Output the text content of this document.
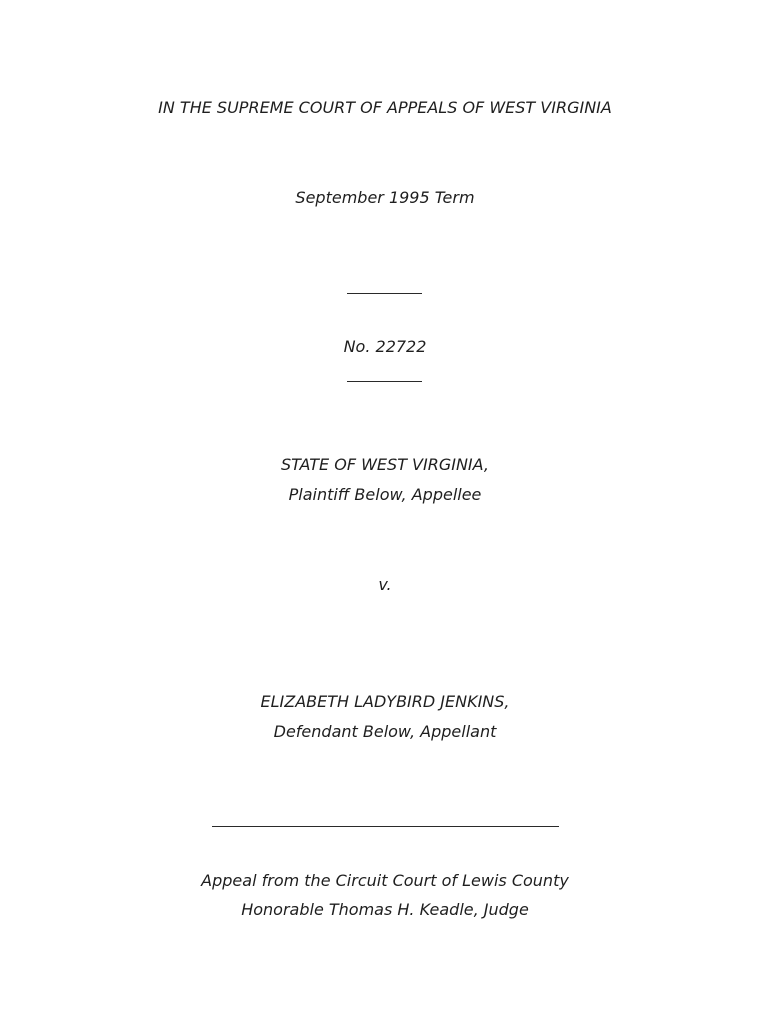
IN THE SUPREME COURT OF APPEALS OF WEST VIRGINIA
September 1995 Term
No. 22722
STATE OF WEST VIRGINIA,
Plaintiff Below, Appellee
v.
ELIZABETH LADYBIRD JENKINS,
Defendant Below, Appellant
Appeal from the Circuit Court of Lewis County
Honorable Thomas H. Keadle, Judge
